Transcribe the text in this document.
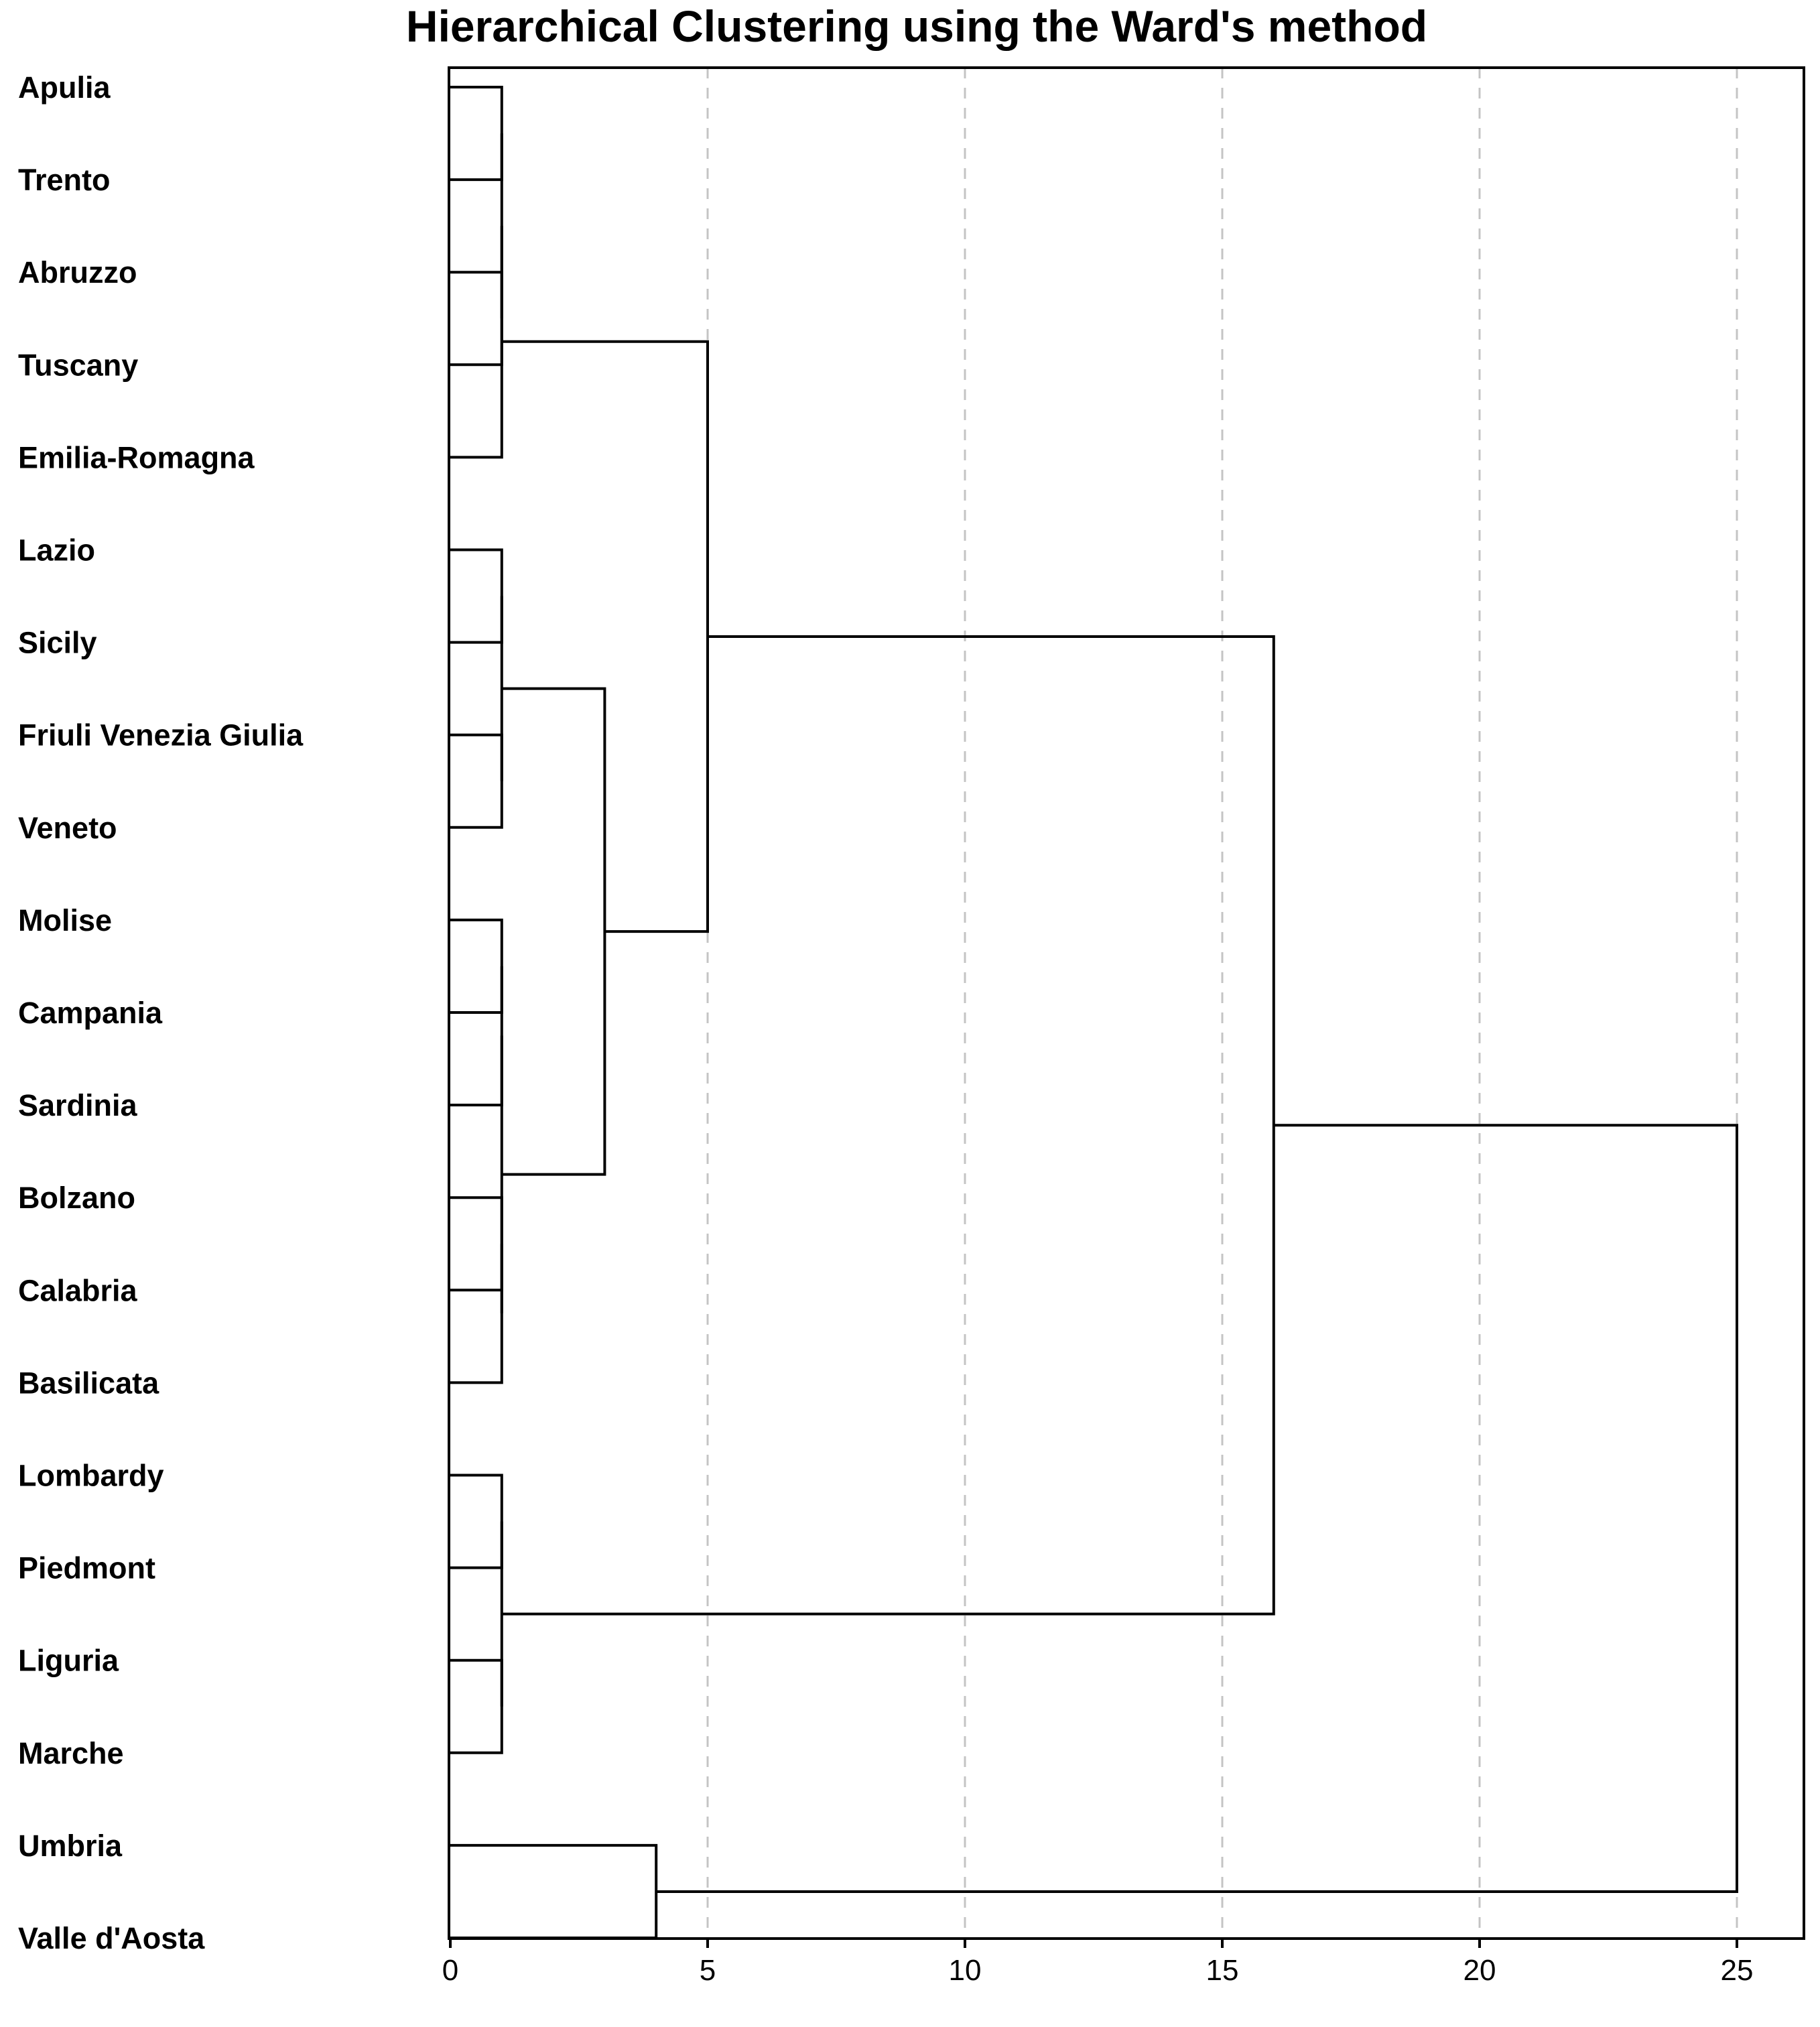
Hierarchical Clustering using the Ward's method
Apulia
Trento
Abruzzo
Tuscany
Emilia-Romagna
Lazio
Sicily
Friuli Venezia Giulia
Veneto
Molise
Campania
Sardinia
Bolzano
Calabria
Basilicata
Lombardy
Piedmont
Liguria
Marche
Umbria
Valle d'Aosta
0	5	10	15	20	25
